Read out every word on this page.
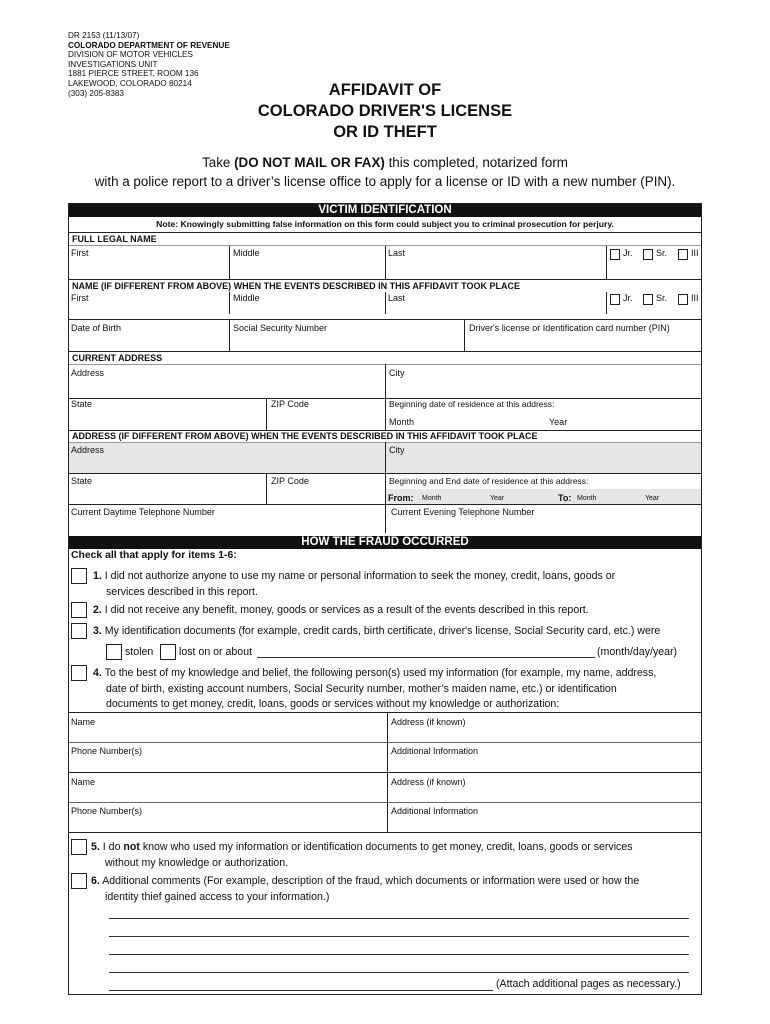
DR 2153 (11/13/07)
COLORADO DEPARTMENT OF REVENUE
DIVISION OF MOTOR VEHICLES
INVESTIGATIONS UNIT
1881 PIERCE STREET, ROOM 136
LAKEWOOD, COLORADO 80214
(303) 205-8383	AFFIDAVIT OF
COLORADO DRIVER'S LICENSE
OR ID THEFT
Take (DO NOT MAIL OR FAX) this completed, notarized form
with a police report to a driver’s license office to apply for a license or ID with a new number (PIN).
VICTIM IDENTIFICATION
Note: Knowingly submitting false information on this form could subject you to criminal prosecution for perjury.
FULL LEGAL NAME
First	Middle	Last	Jr.	Sr.	III
NAME (IF DIFFERENT FROM ABOVE) WHEN THE EVENTS DESCRIBED IN THIS AFFIDAVIT TOOK PLACE
First	Middle	Last	Jr.	Sr.	III
Date of Birth	Social Security Number	Driver's license or Identification card number (PIN)
CURRENT ADDRESS
Address	City
State	ZIP Code	Beginning date of residence at this address:
Month	Year
ADDRESS (IF DIFFERENT FROM ABOVE) WHEN THE EVENTS DESCRIBED IN THIS AFFIDAVIT TOOK PLACE
Address	City
State	ZIP Code	Beginning and End date of residence at this address:
From: Month	Year	To: Month	Year
Current Daytime Telephone Number	Current Evening Telephone Number
HOW THE FRAUD OCCURRED
Check all that apply for items 1-6:
1. I did not authorize anyone to use my name or personal information to seek the money, credit, loans, goods or
services described in this report.
2. I did not receive any benefit, money, goods or services as a result of the events described in this report.
3. My identification documents (for example, credit cards, birth certificate, driver's license, Social Security card, etc.) were
stolen lost on or about	(month/day/year)
4. To the best of my knowledge and belief, the following person(s) used my information (for example, my name, address,
date of birth, existing account numbers, Social Security number, mother’s maiden name, etc.) or identification
documents to get money, credit, loans, goods or services without my knowledge or authorization:
Name	Address (if known)
Phone Number(s)	Additional Information
Name	Address (if known)
Phone Number(s)	Additional Information
5. I do not know who used my information or identification documents to get money, credit, loans, goods or services
without my knowledge or authorization.
6. Additional comments (For example, description of the fraud, which documents or information were used or how the
identity thief gained access to your information.)
(Attach additional pages as necessary.)
